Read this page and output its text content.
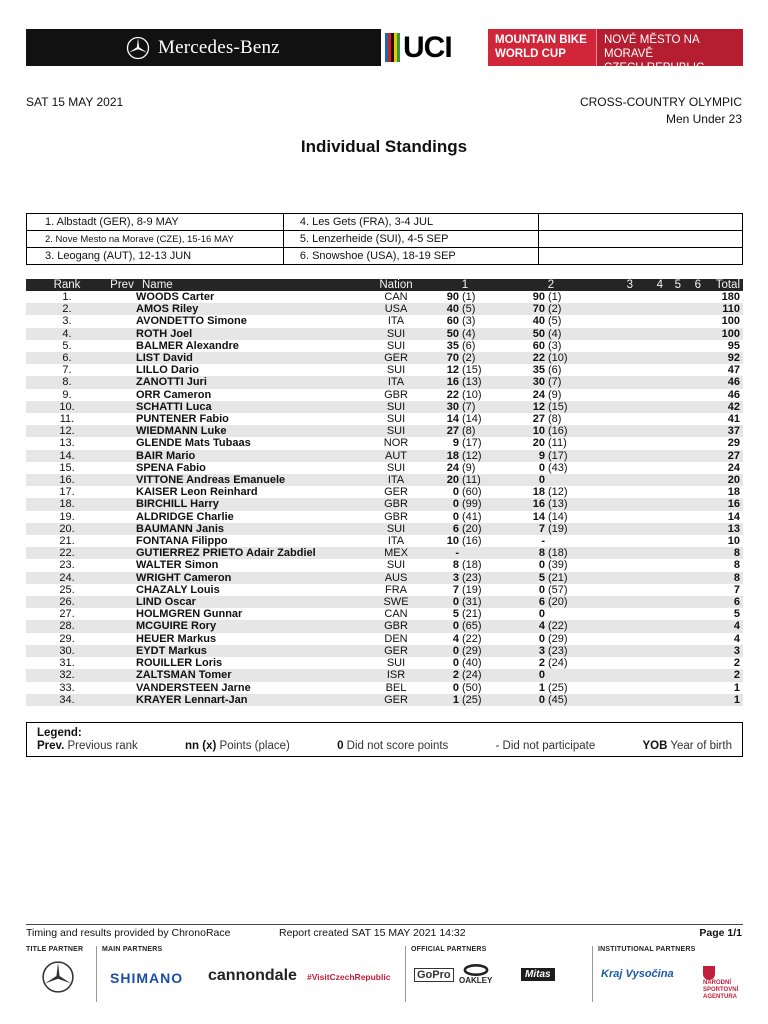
Mercedes-Benz	UCI	MOUNTAIN BIKE
WORLD CUP
NOVÉ MĚSTO NA MORAVĚ
CZECH REPUBLIC
SAT 15 MAY 2021	CROSS-COUNTRY OLYMPIC
Men Under 23
Individual Standings
1. Albstadt (GER), 8-9 MAY	4. Les Gets (FRA), 3-4 JUL	
2. Nove Mesto na Morave (CZE), 15-16 MAY	5. Lenzerheide (SUI), 4-5 SEP	
3. Leogang (AUT), 12-13 JUN	6. Snowshoe (USA), 18-19 SEP	
Rank	Prev	Name	Nation	1	2	3	4	5	6	Total
1.		WOODS Carter	CAN	90 (1)	90 (1)					180
2.		AMOS Riley	USA	40 (5)	70 (2)					110
3.		AVONDETTO Simone	ITA	60 (3)	40 (5)					100
4.		ROTH Joel	SUI	50 (4)	50 (4)					100
5.		BALMER Alexandre	SUI	35 (6)	60 (3)					95
6.		LIST David	GER	70 (2)	22 (10)					92
7.		LILLO Dario	SUI	12 (15)	35 (6)					47
8.		ZANOTTI Juri	ITA	16 (13)	30 (7)					46
9.		ORR Cameron	GBR	22 (10)	24 (9)					46
10.		SCHATTI Luca	SUI	30 (7)	12 (15)					42
11.		PUNTENER Fabio	SUI	14 (14)	27 (8)					41
12.		WIEDMANN Luke	SUI	27 (8)	10 (16)					37
13.		GLENDE Mats Tubaas	NOR	9 (17)	20 (11)					29
14.		BAIR Mario	AUT	18 (12)	9 (17)					27
15.		SPENA Fabio	SUI	24 (9)	0 (43)					24
16.		VITTONE Andreas Emanuele	ITA	20 (11)	0					20
17.		KAISER Leon Reinhard	GER	0 (60)	18 (12)					18
18.		BIRCHILL Harry	GBR	0 (99)	16 (13)					16
19.		ALDRIDGE Charlie	GBR	0 (41)	14 (14)					14
20.		BAUMANN Janis	SUI	6 (20)	7 (19)					13
21.		FONTANA Filippo	ITA	10 (16)	-					10
22.		GUTIERREZ PRIETO Adair Zabdiel	MEX	-	8 (18)					8
23.		WALTER Simon	SUI	8 (18)	0 (39)					8
24.		WRIGHT Cameron	AUS	3 (23)	5 (21)					8
25.		CHAZALY Louis	FRA	7 (19)	0 (57)					7
26.		LIND Oscar	SWE	0 (31)	6 (20)					6
27.		HOLMGREN Gunnar	CAN	5 (21)	0					5
28.		MCGUIRE Rory	GBR	0 (65)	4 (22)					4
29.		HEUER Markus	DEN	4 (22)	0 (29)					4
30.		EYDT Markus	GER	0 (29)	3 (23)					3
31.		ROUILLER Loris	SUI	0 (40)	2 (24)					2
32.		ZALTSMAN Tomer	ISR	2 (24)	0					2
33.		VANDERSTEEN Jarne	BEL	0 (50)	1 (25)					1
34.		KRAYER Lennart-Jan	GER	1 (25)	0 (45)					1
Legend:
Prev. Previous rank	nn (x) Points (place)	0 Did not score points	- Did not participate	YOB Year of birth
Timing and results provided by ChronoRace	Report created SAT 15 MAY 2021 14:32	Page 1/1
TITLE PARTNER	MAIN PARTNERS
SHIMANO cannondale #VisitCzechRepublic
OFFICIAL PARTNERS
GoPro	OAKLEY
Mitas
INSTITUTIONAL PARTNERS
Kraj Vysočina
NÁRODNÍ SPORTOVNÍ AGENTURA
